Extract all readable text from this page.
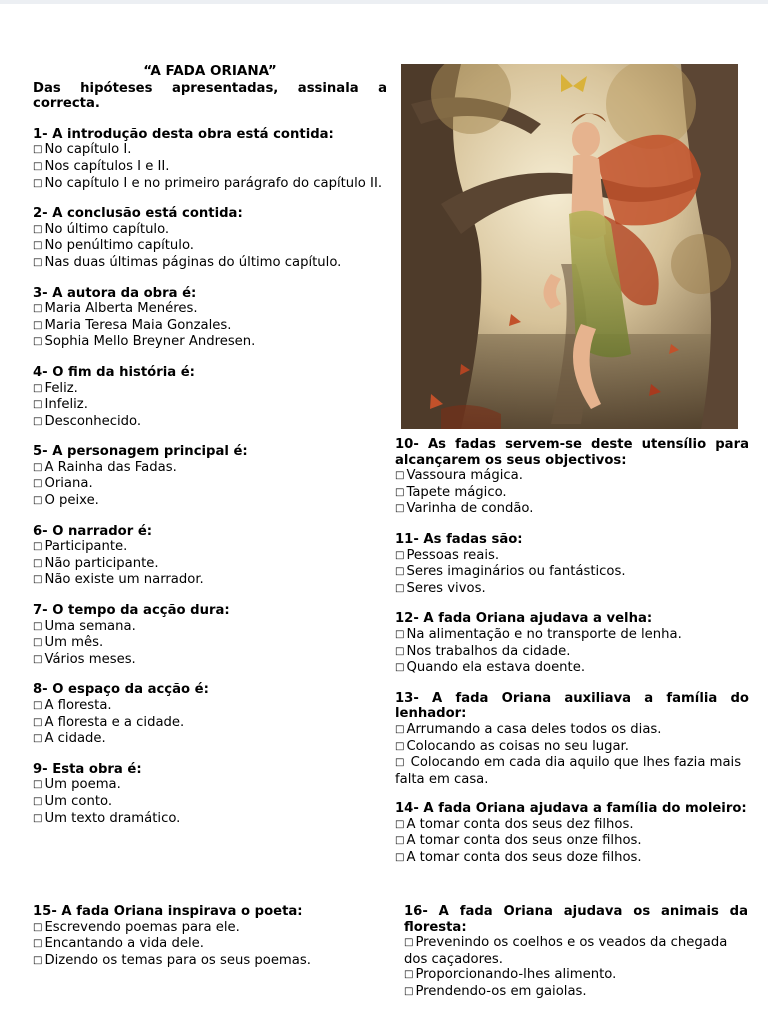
“A FADA ORIANA”
Das hipóteses apresentadas, assinala a correcta.
1- A introdução desta obra está contida:
□ No capítulo I.
□ Nos capítulos I e II.
□ No capítulo I e no primeiro parágrafo do capítulo II.
2- A conclusão está contida:
□ No último capítulo.
□ No penúltimo capítulo.
□ Nas duas últimas páginas do último capítulo.
3- A autora da obra é:
□ Maria Alberta Menéres.
□ Maria Teresa Maia Gonzales.
□ Sophia Mello Breyner Andresen.
4- O fim da história é:
□ Feliz.
□ Infeliz.
□ Desconhecido.
5- A personagem principal é:
□ A Rainha das Fadas.
□ Oriana.
□ O peixe.
6- O narrador é:
□ Participante.
□ Não participante.
□ Não existe um narrador.
7- O tempo da acção dura:
□ Uma semana.
□ Um mês.
□ Vários meses.
8- O espaço da acção é:
□ A floresta.
□ A floresta e a cidade.
□ A cidade.
9- Esta obra é:
□ Um poema.
□ Um conto.
□ Um texto dramático.
10- As fadas servem-se deste utensílio para alcançarem os seus objectivos:
□ Vassoura mágica.
□ Tapete mágico.
□ Varinha de condão.
11- As fadas são:
□ Pessoas reais.
□ Seres imaginários ou fantásticos.
□ Seres vivos.
12- A fada Oriana ajudava a velha:
□ Na alimentação e no transporte de lenha.
□ Nos trabalhos da cidade.
□ Quando ela estava doente.
13- A fada Oriana auxiliava a família do lenhador:
□ Arrumando a casa deles todos os dias.
□ Colocando as coisas no seu lugar.
□ Colocando em cada dia aquilo que lhes fazia mais falta em casa.
14- A fada Oriana ajudava a família do moleiro:
□ A tomar conta dos seus dez filhos.
□ A tomar conta dos seus onze filhos.
□ A tomar conta dos seus doze filhos.
15- A fada Oriana inspirava o poeta:
□ Escrevendo poemas para ele.
□ Encantando a vida dele.
□ Dizendo os temas para os seus poemas.
16- A fada Oriana ajudava os animais da floresta:
□ Prevenindo os coelhos e os veados da chegada dos caçadores.
□ Proporcionando-lhes alimento.
□ Prendendo-os em gaiolas.
